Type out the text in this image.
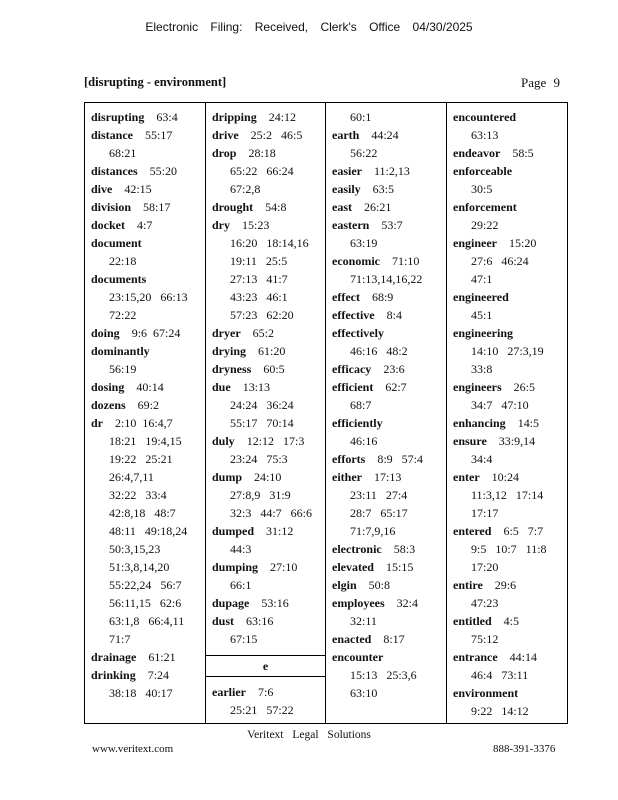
Electronic Filing: Received, Clerk's Office 04/30/2025
[disrupting - environment]	Page 9
disrupting 63:4
distance 55:17
68:21
distances 55:20
dive 42:15
division 58:17
docket 4:7
document
22:18
documents
23:15,20   66:13
72:22
doing 9:6  67:24
dominantly
56:19
dosing 40:14
dozens 69:2
dr 2:10  16:4,7
18:21   19:4,15
19:22   25:21
26:4,7,11
32:22   33:4
42:8,18   48:7
48:11   49:18,24
50:3,15,23
51:3,8,14,20
55:22,24   56:7
56:11,15   62:6
63:1,8   66:4,11
71:7
drainage 61:21
drinking 7:24
38:18   40:17
dripping 24:12
drive 25:2   46:5
drop 28:18
65:22   66:24
67:2,8
drought 54:8
dry 15:23
16:20   18:14,16
19:11   25:5
27:13   41:7
43:23   46:1
57:23   62:20
dryer 65:2
drying 61:20
dryness 60:5
due 13:13
24:24   36:24
55:17   70:14
duly 12:12   17:3
23:24   75:3
dump 24:10
27:8,9   31:9
32:3   44:7   66:6
dumped 31:12
44:3
dumping 27:10
66:1
dupage 53:16
dust 63:16
67:15
e
earlier 7:6
25:21   57:22
60:1
earth 44:24
56:22
easier 11:2,13
easily 63:5
east 26:21
eastern 53:7
63:19
economic 71:10
71:13,14,16,22
effect 68:9
effective 8:4
effectively
46:16   48:2
efficacy 23:6
efficient 62:7
68:7
efficiently
46:16
efforts 8:9   57:4
either 17:13
23:11   27:4
28:7   65:17
71:7,9,16
electronic 58:3
elevated 15:15
elgin 50:8
employees 32:4
32:11
enacted 8:17
encounter
15:13   25:3,6
63:10
encountered
63:13
endeavor 58:5
enforceable
30:5
enforcement
29:22
engineer 15:20
27:6   46:24
47:1
engineered
45:1
engineering
14:10   27:3,19
33:8
engineers 26:5
34:7   47:10
enhancing 14:5
ensure 33:9,14
34:4
enter 10:24
11:3,12   17:14
17:17
entered 6:5   7:7
9:5   10:7   11:8
17:20
entire 29:6
47:23
entitled 4:5
75:12
entrance 44:14
46:4   73:11
environment
9:22   14:12
Veritext Legal Solutions
www.veritext.com	888-391-3376
